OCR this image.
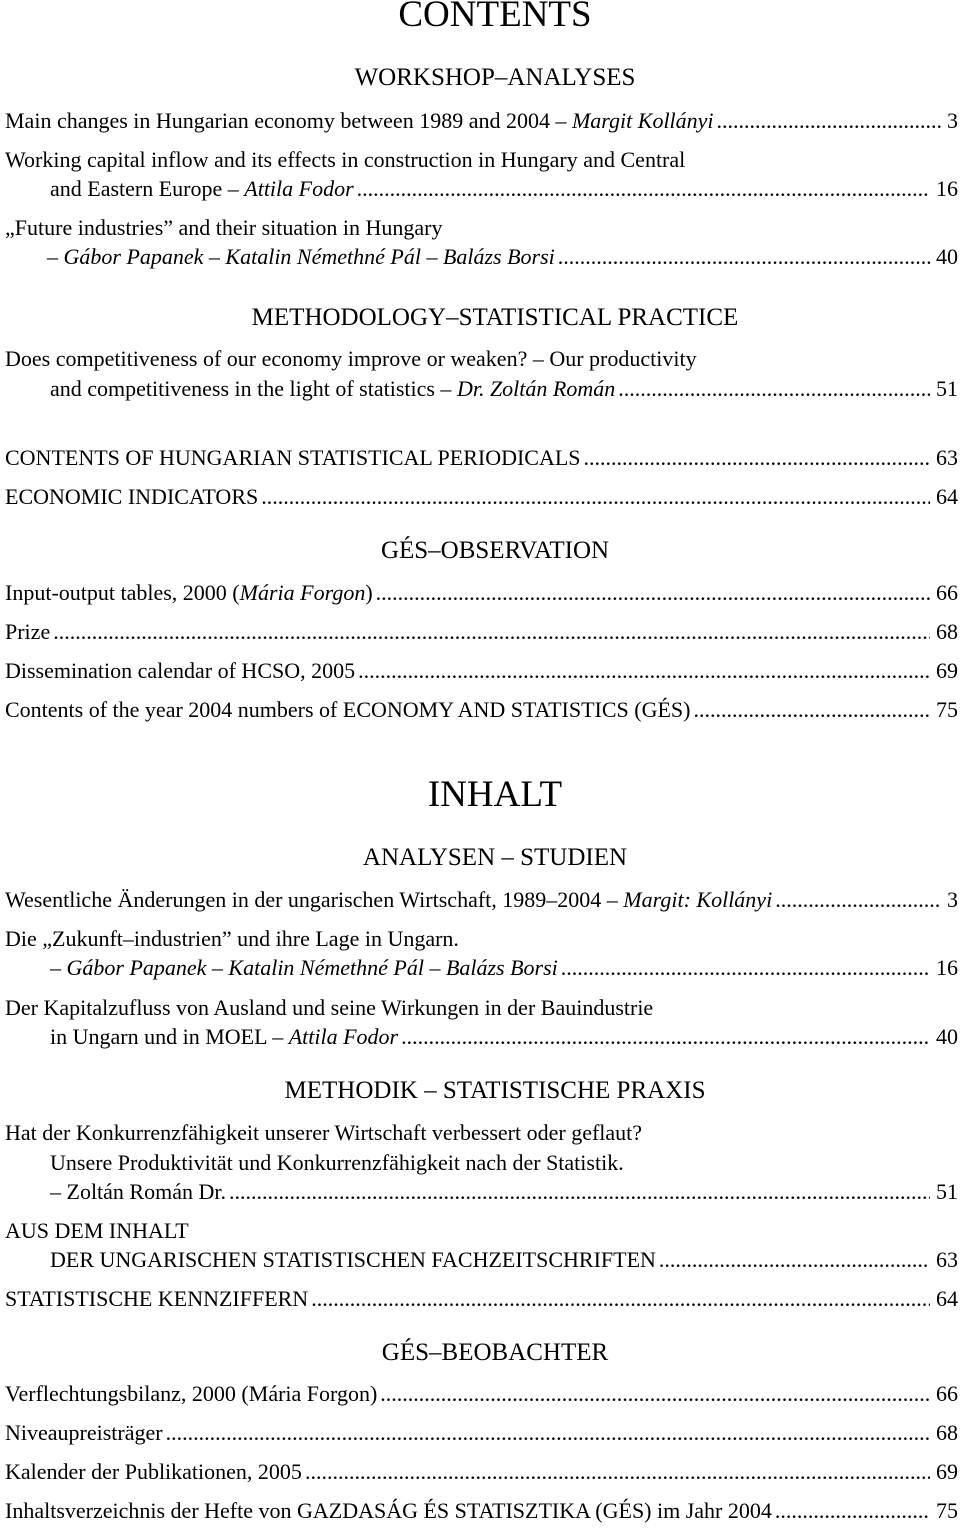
CONTENTS
WORKSHOP–ANALYSES
Main changes in Hungarian economy between 1989 and 2004 – Margit Kollányi .....	3
Working capital inflow and its effects in construction in Hungary and Central
and Eastern Europe – Attila Fodor .....	16
„Future industries” and their situation in Hungary
– Gábor Papanek – Katalin Némethné Pál – Balázs Borsi .....	40
METHODOLOGY–STATISTICAL PRACTICE
Does competitiveness of our economy improve or weaken? – Our productivity
and competitiveness in the light of statistics – Dr. Zoltán Román .....	51
CONTENTS OF HUNGARIAN STATISTICAL PERIODICALS .....	63
ECONOMIC INDICATORS .....	64
GÉS–OBSERVATION
Input-output tables, 2000 (Mária Forgon) .....	66
Prize .....	68
Dissemination calendar of HCSO, 2005 .....	69
Contents of the year 2004 numbers of ECONOMY AND STATISTICS (GÉS) .....	75
INHALT
ANALYSEN – STUDIEN
Wesentliche Änderungen in der ungarischen Wirtschaft, 1989–2004 – Margit: Kollányi .....	3
Die „Zukunft–industrien” und ihre Lage in Ungarn.
– Gábor Papanek – Katalin Némethné Pál – Balázs Borsi .....	16
Der Kapitalzufluss von Ausland und seine Wirkungen in der Bauindustrie
in Ungarn und in MOEL – Attila Fodor .....	40
METHODIK – STATISTISCHE PRAXIS
Hat der Konkurrenzfähigkeit unserer Wirtschaft verbessert oder geflaut?
Unsere Produktivität und Konkurrenzfähigkeit nach der Statistik.
– Zoltán Román Dr. .....	51
AUS DEM INHALT
DER UNGARISCHEN STATISTISCHEN FACHZEITSCHRIFTEN .....	63
STATISTISCHE KENNZIFFERN .....	64
GÉS–BEOBACHTER
Verflechtungsbilanz, 2000 (Mária Forgon) .....	66
Niveaupreisträger .....	68
Kalender der Publikationen, 2005 .....	69
Inhaltsverzeichnis der Hefte von GAZDASÁG ÉS STATISZTIKA (GÉS) im Jahr 2004 .....	75
